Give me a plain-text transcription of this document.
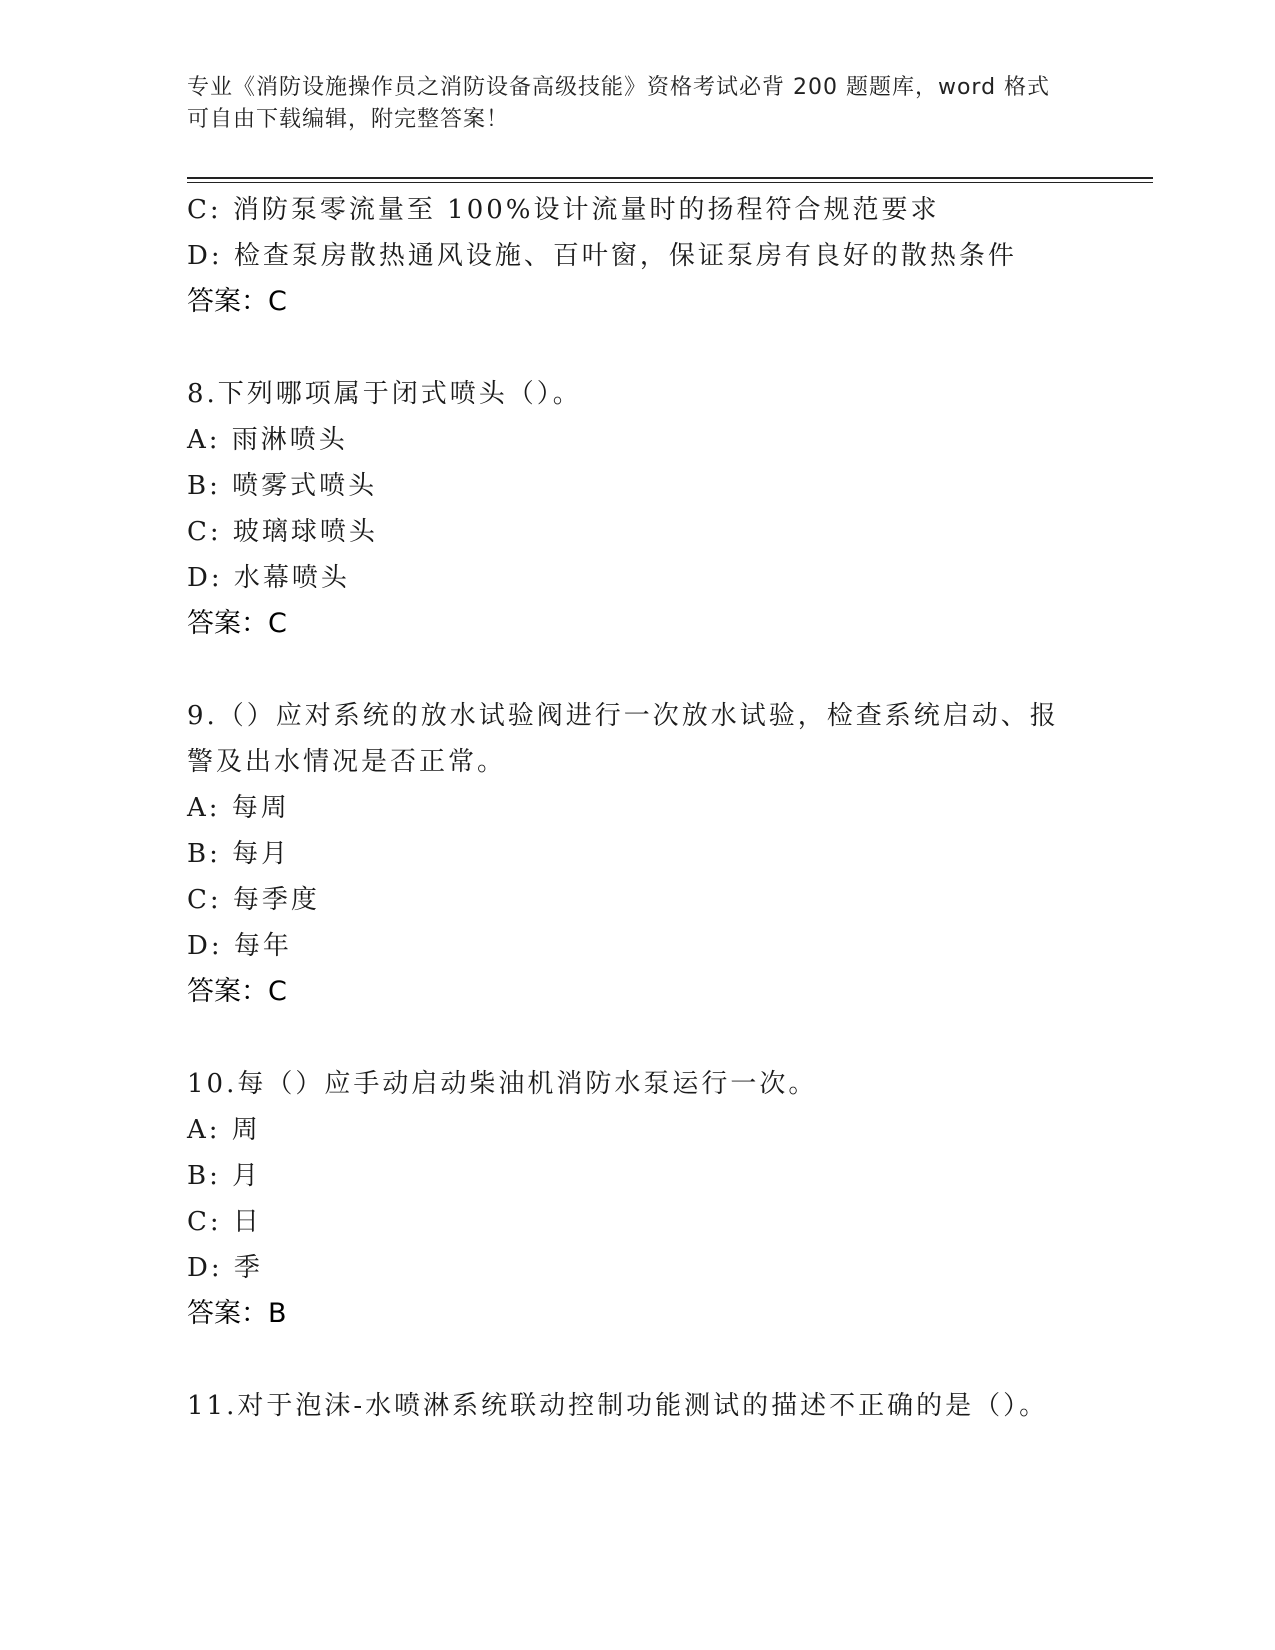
专业《消防设施操作员之消防设备高级技能》资格考试必背 200 题题库，word 格式可自由下载编辑，附完整答案！
C: 消防泵零流量至 100%设计流量时的扬程符合规范要求
D: 检查泵房散热通风设施、百叶窗，保证泵房有良好的散热条件
答案：C
8.下列哪项属于闭式喷头（）。
A: 雨淋喷头
B: 喷雾式喷头
C: 玻璃球喷头
D: 水幕喷头
答案：C
9.（）应对系统的放水试验阀进行一次放水试验，检查系统启动、报警及出水情况是否正常。
A: 每周
B: 每月
C: 每季度
D: 每年
答案：C
10.每（）应手动启动柴油机消防水泵运行一次。
A: 周
B: 月
C: 日
D: 季
答案：B
11.对于泡沫-水喷淋系统联动控制功能测试的描述不正确的是（）。
